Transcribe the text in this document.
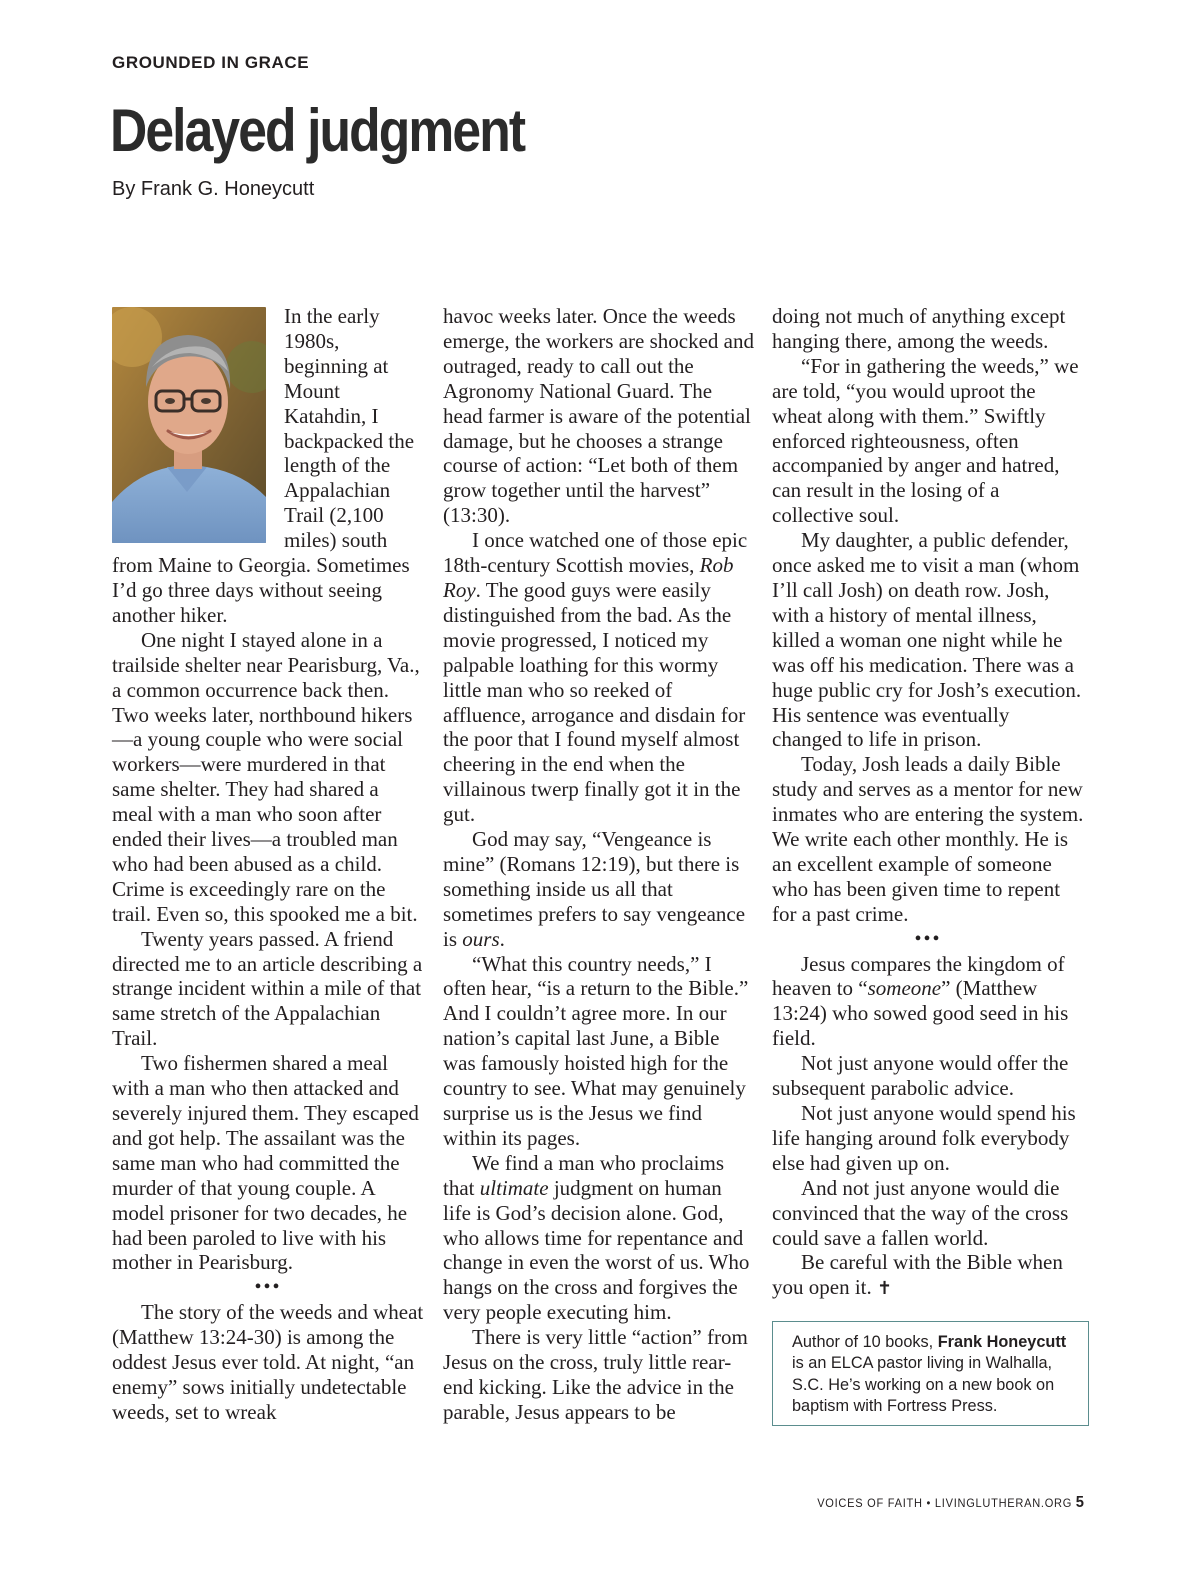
GROUNDED IN GRACE
Delayed judgment
By Frank G. Honeycutt

In the early 1980s, beginning at Mount Katahdin, I backpacked the length of the Appalachian Trail (2,100 miles) south from Maine to Georgia. Sometimes I’d go three days without seeing another hiker.

One night I stayed alone in a trailside shelter near Pearisburg, Va., a common occurrence back then. Two weeks later, northbound hikers—a young couple who were social workers—were murdered in that same shelter. They had shared a meal with a man who soon after ended their lives—a troubled man who had been abused as a child. Crime is exceedingly rare on the trail. Even so, this spooked me a bit.

Twenty years passed. A friend directed me to an article describing a strange incident within a mile of that same stretch of the Appalachian Trail.

Two fishermen shared a meal with a man who then attacked and severely injured them. They escaped and got help. The assailant was the same man who had committed the murder of that young couple. A model prisoner for two decades, he had been paroled to live with his mother in Pearisburg.

•••

The story of the weeds and wheat (Matthew 13:24-30) is among the oddest Jesus ever told. At night, “an enemy” sows initially undetectable weeds, set to wreak

havoc weeks later. Once the weeds emerge, the workers are shocked and outraged, ready to call out the Agronomy National Guard. The head farmer is aware of the potential damage, but he chooses a strange course of action: “Let both of them grow together until the harvest” (13:30).

I once watched one of those epic 18th-century Scottish movies, Rob Roy. The good guys were easily distinguished from the bad. As the movie progressed, I noticed my palpable loathing for this wormy little man who so reeked of affluence, arrogance and disdain for the poor that I found myself almost cheering in the end when the villainous twerp finally got it in the gut.

God may say, “Vengeance is mine” (Romans 12:19), but there is something inside us all that sometimes prefers to say vengeance is ours.

“What this country needs,” I often hear, “is a return to the Bible.” And I couldn’t agree more. In our nation’s capital last June, a Bible was famously hoisted high for the country to see. What may genuinely surprise us is the Jesus we find within its pages.

We find a man who proclaims that ultimate judgment on human life is God’s decision alone. God, who allows time for repentance and change in even the worst of us. Who hangs on the cross and forgives the very people executing him.

There is very little “action” from Jesus on the cross, truly little rear-end kicking. Like the advice in the parable, Jesus appears to be

doing not much of anything except hanging there, among the weeds.

“For in gathering the weeds,” we are told, “you would uproot the wheat along with them.” Swiftly enforced righteousness, often accompanied by anger and hatred, can result in the losing of a collective soul.

My daughter, a public defender, once asked me to visit a man (whom I’ll call Josh) on death row. Josh, with a history of mental illness, killed a woman one night while he was off his medication. There was a huge public cry for Josh’s execution. His sentence was eventually changed to life in prison.

Today, Josh leads a daily Bible study and serves as a mentor for new inmates who are entering the system. We write each other monthly. He is an excellent example of someone who has been given time to repent for a past crime.

•••

Jesus compares the kingdom of heaven to “someone” (Matthew 13:24) who sowed good seed in his field.

Not just anyone would offer the subsequent parabolic advice.

Not just anyone would spend his life hanging around folk everybody else had given up on.

And not just anyone would die convinced that the way of the cross could save a fallen world.

Be careful with the Bible when you open it. ✝

Author of 10 books, Frank Honeycutt is an ELCA pastor living in Walhalla, S.C. He’s working on a new book on baptism with Fortress Press.
VOICES OF FAITH • LIVINGLUTHERAN.ORG 5
